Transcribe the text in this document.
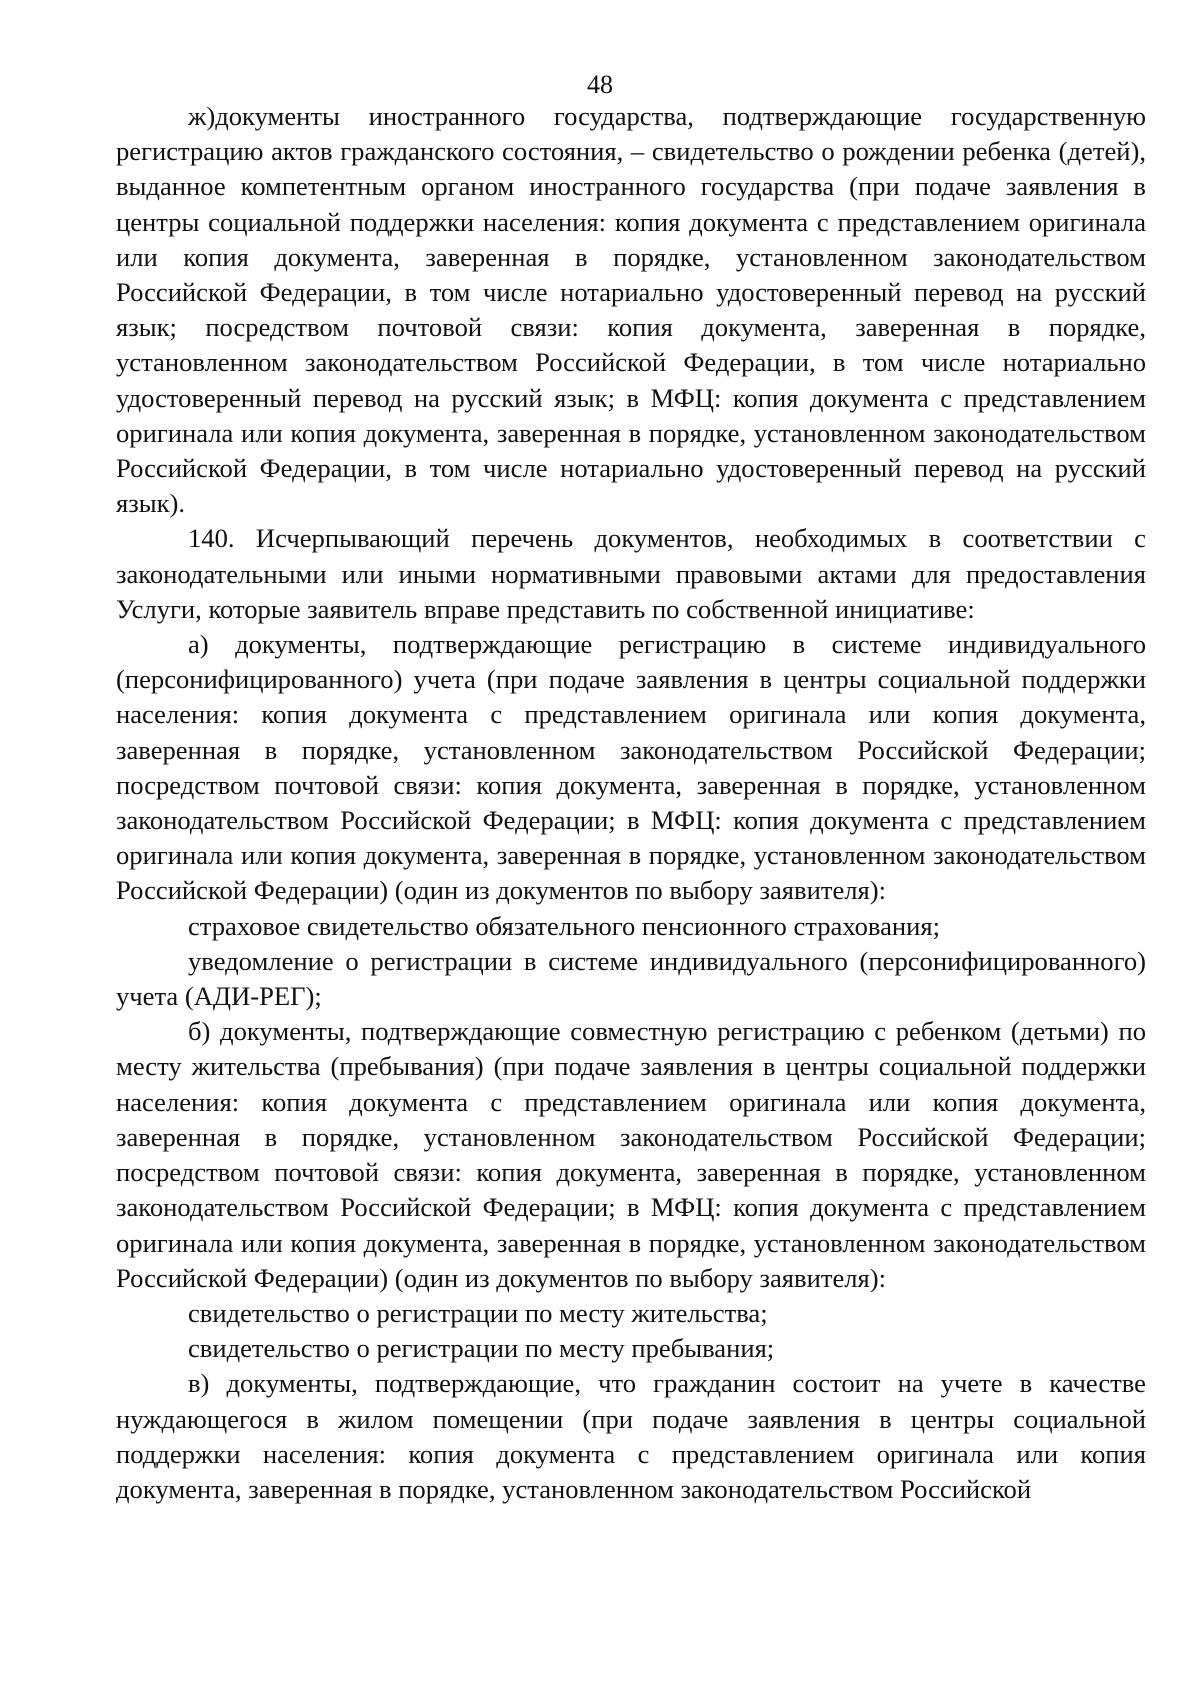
48

ж)документы иностранного государства, подтверждающие государственную регистрацию актов гражданского состояния, – свидетельство о рождении ребенка (детей), выданное компетентным органом иностранного государства (при подаче заявления в центры социальной поддержки населения: копия документа с представлением оригинала или копия документа, заверенная в порядке, установленном законодательством Российской Федерации, в том числе нотариально удостоверенный перевод на русский язык; посредством почтовой связи: копия документа, заверенная в порядке, установленном законодательством Российской Федерации, в том числе нотариально удостоверенный перевод на русский язык; в МФЦ: копия документа с представлением оригинала или копия документа, заверенная в порядке, установленном законодательством Российской Федерации, в том числе нотариально удостоверенный перевод на русский язык).

140. Исчерпывающий перечень документов, необходимых в соответствии с законодательными или иными нормативными правовыми актами для предоставления Услуги, которые заявитель вправе представить по собственной инициативе:

а) документы, подтверждающие регистрацию в системе индивидуального (персонифицированного) учета (при подаче заявления в центры социальной поддержки населения: копия документа с представлением оригинала или копия документа, заверенная в порядке, установленном законодательством Российской Федерации; посредством почтовой связи: копия документа, заверенная в порядке, установленном законодательством Российской Федерации; в МФЦ: копия документа с представлением оригинала или копия документа, заверенная в порядке, установленном законодательством Российской Федерации) (один из документов по выбору заявителя):

страховое свидетельство обязательного пенсионного страхования;

уведомление о регистрации в системе индивидуального (персонифицированного) учета (АДИ-РЕГ);

б) документы, подтверждающие совместную регистрацию с ребенком (детьми) по месту жительства (пребывания) (при подаче заявления в центры социальной поддержки населения: копия документа с представлением оригинала или копия документа, заверенная в порядке, установленном законодательством Российской Федерации; посредством почтовой связи: копия документа, заверенная в порядке, установленном законодательством Российской Федерации; в МФЦ: копия документа с представлением оригинала или копия документа, заверенная в порядке, установленном законодательством Российской Федерации) (один из документов по выбору заявителя):

свидетельство о регистрации по месту жительства;

свидетельство о регистрации по месту пребывания;

в) документы, подтверждающие, что гражданин состоит на учете в качестве нуждающегося в жилом помещении (при подаче заявления в центры социальной поддержки населения: копия документа с представлением оригинала или копия документа, заверенная в порядке, установленном законодательством Российской
